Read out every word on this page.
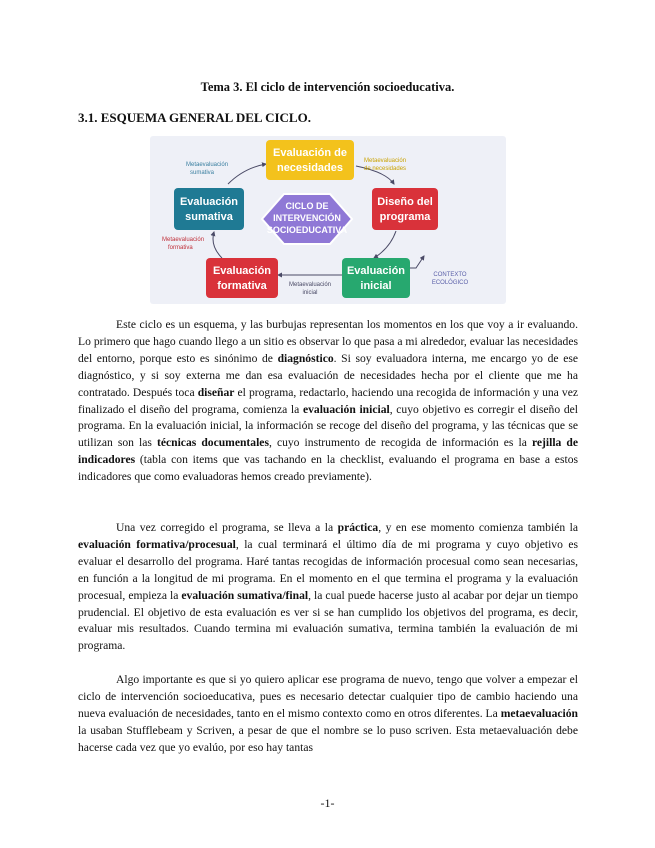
Tema 3. El ciclo de intervención socioeducativa.
3.1. ESQUEMA GENERAL DEL CICLO.
CICLO DE
INTERVENCIÓN
SOCIOEDUCATIVA
Evaluación de
necesidades
Diseño del
programa
Evaluación
inicial
Evaluación
formativa
Evaluación
sumativa
Metaevaluación
sumativa
Metaevaluación
de necesidades
Metaevaluación
formativa
Metaevaluación
inicial
CONTEXTO
ECOLÓGICO

Este ciclo es un esquema, y las burbujas representan los momentos en los que voy a ir evaluando. Lo primero que hago cuando llego a un sitio es observar lo que pasa a mi alrededor, evaluar las necesidades del entorno, porque esto es sinónimo de diagnóstico. Si soy evaluadora interna, me encargo yo de ese diagnóstico, y si soy externa me dan esa evaluación de necesidades hecha por el cliente que me ha contratado. Después toca diseñar el programa, redactarlo, haciendo una recogida de información y una vez finalizado el diseño del programa, comienza la evaluación inicial, cuyo objetivo es corregir el diseño del programa. En la evaluación inicial, la información se recoge del diseño del programa, y las técnicas que se utilizan son las técnicas documentales, cuyo instrumento de recogida de información es la rejilla de indicadores (tabla con items que vas tachando en la checklist, evaluando el programa en base a estos indicadores que como evaluadoras hemos creado previamente).

Una vez corregido el programa, se lleva a la práctica, y en ese momento comienza también la evaluación formativa/procesual, la cual terminará el último día de mi programa y cuyo objetivo es evaluar el desarrollo del programa. Haré tantas recogidas de información procesual como sean necesarias, en función a la longitud de mi programa. En el momento en el que termina el programa y la evaluación procesual, empieza la evaluación sumativa/final, la cual puede hacerse justo al acabar por dejar un tiempo prudencial. El objetivo de esta evaluación es ver si se han cumplido los objetivos del programa, es decir, evaluar mis resultados. Cuando termina mi evaluación sumativa, termina también la evaluación de mi programa.

Algo importante es que si yo quiero aplicar ese programa de nuevo, tengo que volver a empezar el ciclo de intervención socioeducativa, pues es necesario detectar cualquier tipo de cambio haciendo una nueva evaluación de necesidades, tanto en el mismo contexto como en otros diferentes. La metaevaluación la usaban Stufflebeam y Scriven, a pesar de que el nombre se lo puso scriven. Esta metaevaluación debe hacerse cada vez que yo evalúo, por eso hay tantas

-1-
